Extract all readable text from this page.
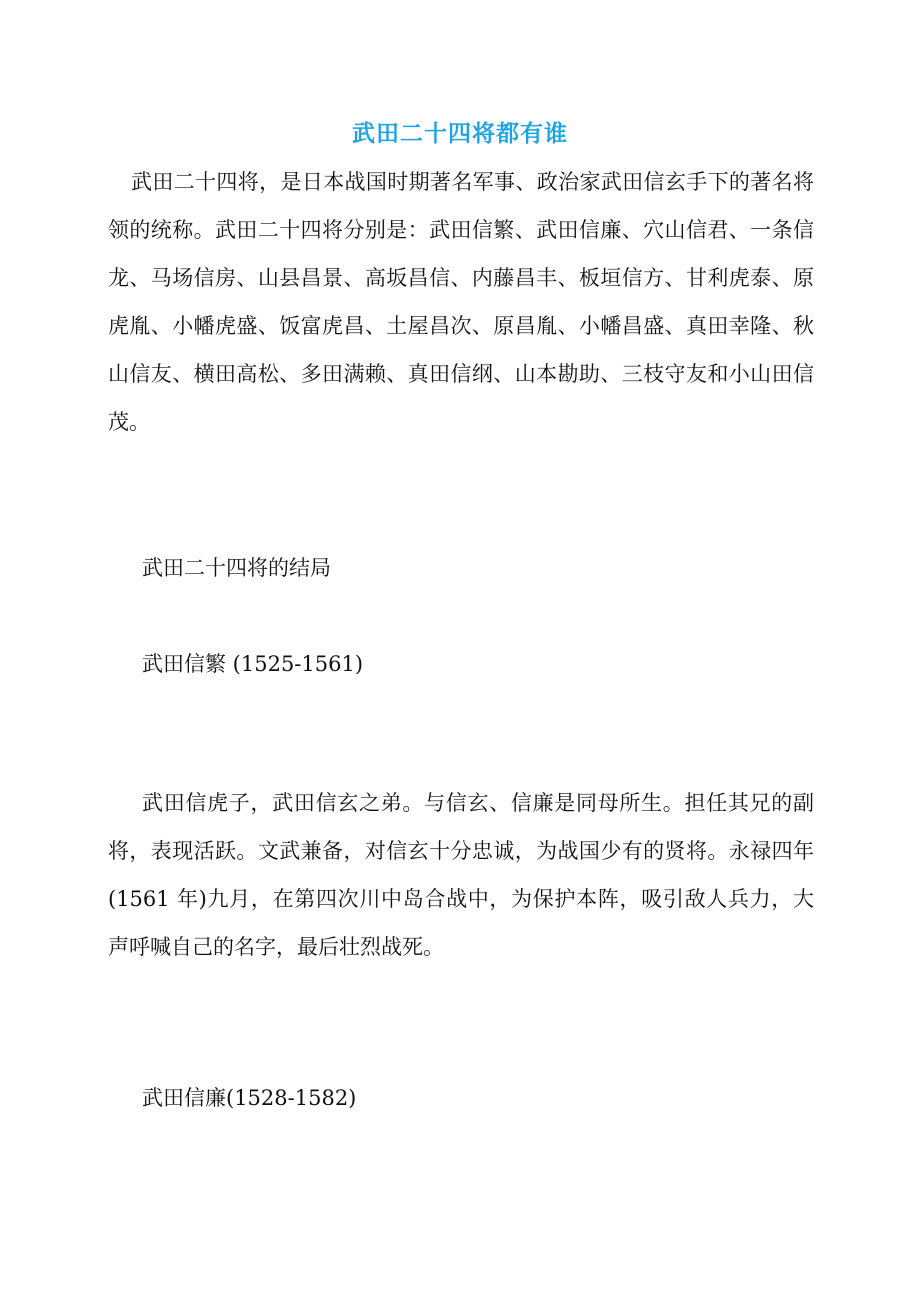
武田二十四将都有谁

武田二十四将，是日本战国时期著名军事、政治家武田信玄手下的著名将领的统称。武田二十四将分别是：武田信繁、武田信廉、穴山信君、一条信龙、马场信房、山县昌景、高坂昌信、内藤昌丰、板垣信方、甘利虎泰、原虎胤、小幡虎盛、饭富虎昌、土屋昌次、原昌胤、小幡昌盛、真田幸隆、秋山信友、横田高松、多田满赖、真田信纲、山本勘助、三枝守友和小山田信茂。

武田二十四将的结局

武田信繁 (1525-1561)

武田信虎子，武田信玄之弟。与信玄、信廉是同母所生。担任其兄的副将，表现活跃。文武兼备，对信玄十分忠诚，为战国少有的贤将。永禄四年(1561 年)九月，在第四次川中岛合战中，为保护本阵，吸引敌人兵力，大声呼喊自己的名字，最后壮烈战死。

武田信廉(1528-1582)
